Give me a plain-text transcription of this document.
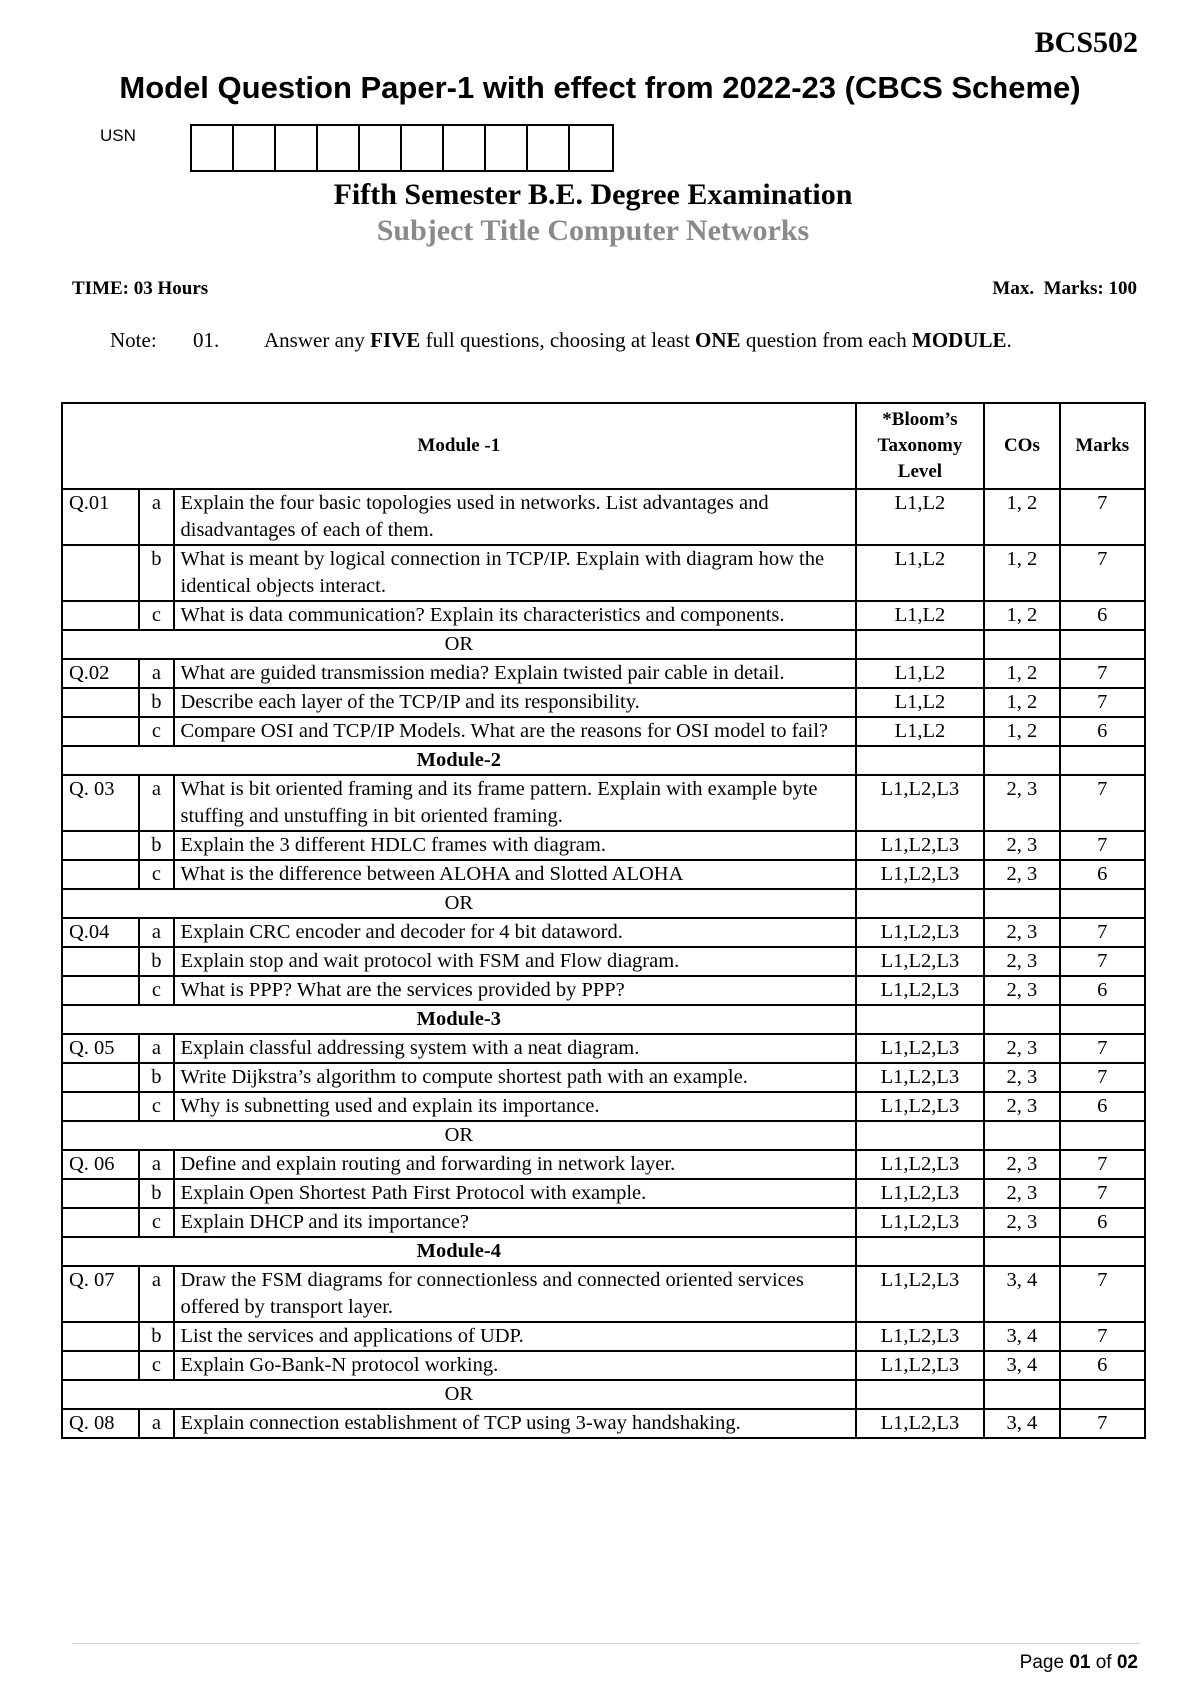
BCS502
Model Question Paper-1 with effect from 2022-23 (CBCS Scheme)
USN
Fifth Semester B.E. Degree Examination
Subject Title Computer Networks
TIME: 03 Hours	Max.  Marks: 100
Note: 01. Answer any FIVE full questions, choosing at least ONE question from each MODULE.
Module -1			*Bloom’s Taxonomy Level	COs	Marks
Q.01	a	Explain the four basic topologies used in networks. List advantages and disadvantages of each of them.	L1,L2	1, 2	7
	b	What is meant by logical connection in TCP/IP. Explain with diagram how the identical objects interact.	L1,L2	1, 2	7
	c	What is data communication? Explain its characteristics and components.	L1,L2	1, 2	6
OR					
Q.02	a	What are guided transmission media? Explain twisted pair cable in detail.	L1,L2	1, 2	7
	b	Describe each layer of the TCP/IP and its responsibility.	L1,L2	1, 2	7
	c	Compare OSI and TCP/IP Models. What are the reasons for OSI model to fail?	L1,L2	1, 2	6
Module-2					
Q. 03	a	What is bit oriented framing and its frame pattern. Explain with example byte stuffing and unstuffing in bit oriented framing.	L1,L2,L3	2, 3	7
	b	Explain the 3 different HDLC frames with diagram.	L1,L2,L3	2, 3	7
	c	What is the difference between ALOHA and Slotted ALOHA	L1,L2,L3	2, 3	6
OR					
Q.04	a	Explain CRC encoder and decoder for 4 bit dataword.	L1,L2,L3	2, 3	7
	b	Explain stop and wait protocol with FSM and Flow diagram.	L1,L2,L3	2, 3	7
	c	What is PPP? What are the services provided by PPP?	L1,L2,L3	2, 3	6
Module-3					
Q. 05	a	Explain classful addressing system with a neat diagram.	L1,L2,L3	2, 3	7
	b	Write Dijkstra’s algorithm to compute shortest path with an example.	L1,L2,L3	2, 3	7
	c	Why is subnetting used and explain its importance.	L1,L2,L3	2, 3	6
OR					
Q. 06	a	Define and explain routing and forwarding in network layer.	L1,L2,L3	2, 3	7
	b	Explain Open Shortest Path First Protocol with example.	L1,L2,L3	2, 3	7
	c	Explain DHCP and its importance?	L1,L2,L3	2, 3	6
Module-4					
Q. 07	a	Draw the FSM diagrams for connectionless and connected oriented services offered by transport layer.	L1,L2,L3	3, 4	7
	b	List the services and applications of UDP.	L1,L2,L3	3, 4	7
	c	Explain Go-Bank-N protocol working.	L1,L2,L3	3, 4	6
OR					
Q. 08	a	Explain connection establishment of TCP using 3-way handshaking.	L1,L2,L3	3, 4	7
Page 01 of 02
